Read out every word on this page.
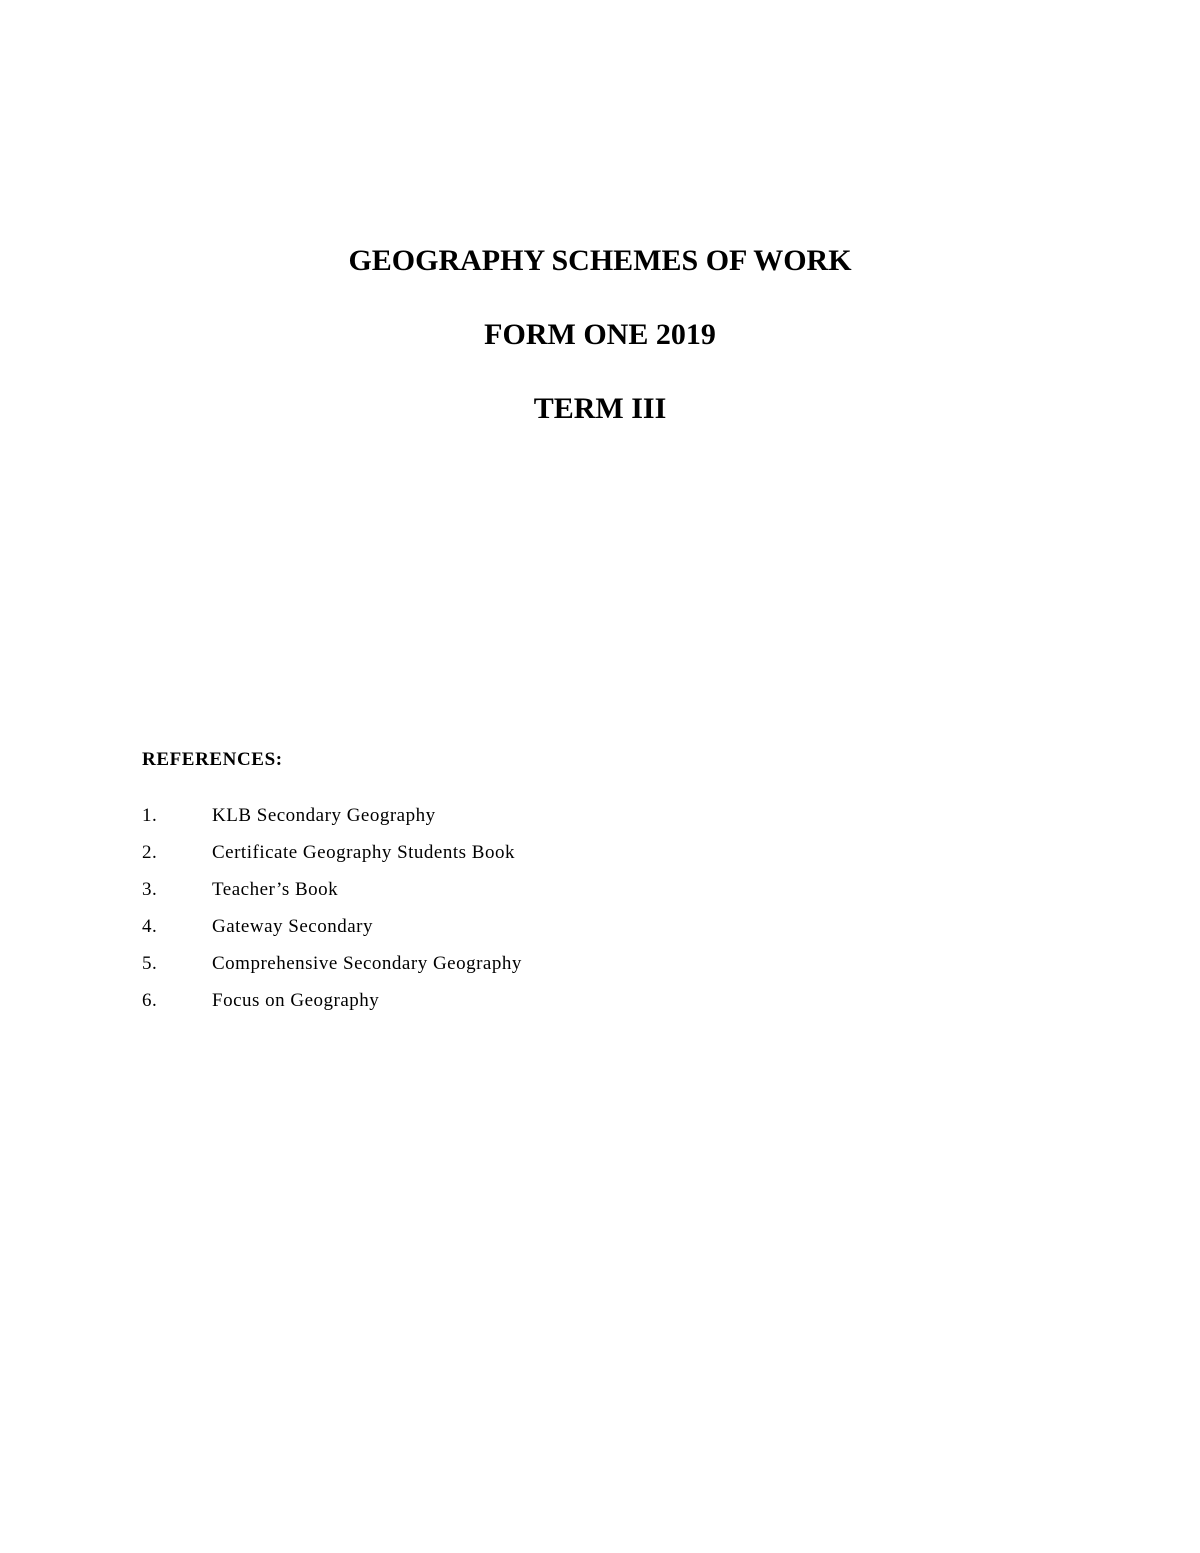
GEOGRAPHY SCHEMES OF WORK
FORM ONE 2019
TERM III
REFERENCES:
1.	KLB Secondary Geography
2.	Certificate Geography Students Book
3.	Teacher’s Book
4.	Gateway Secondary
5.	Comprehensive Secondary Geography
6.	Focus on Geography
